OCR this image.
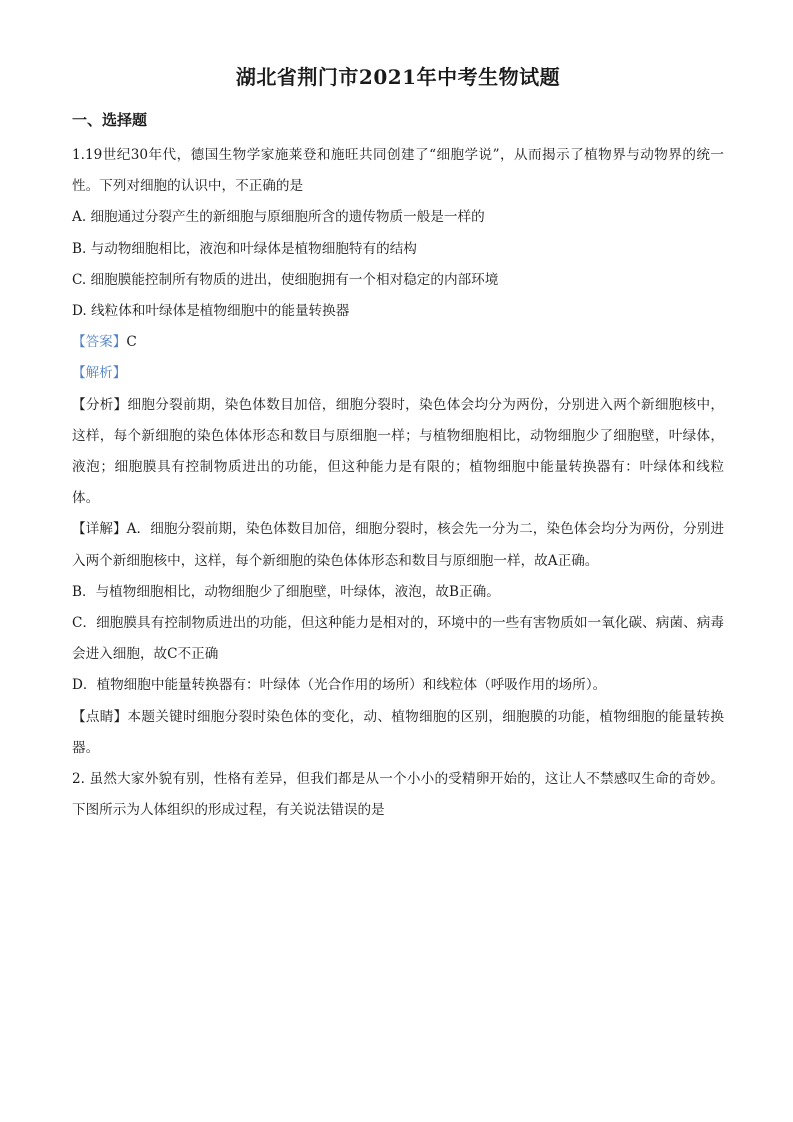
湖北省荆门市2021年中考生物试题
一、选择题

1.19世纪30年代，德国生物学家施莱登和施旺共同创建了“细胞学说”，从而揭示了植物界与动物界的统一性。下列对细胞的认识中，不正确的是

A. 细胞通过分裂产生的新细胞与原细胞所含的遗传物质一般是一样的

B. 与动物细胞相比，液泡和叶绿体是植物细胞特有的结构

C. 细胞膜能控制所有物质的进出，使细胞拥有一个相对稳定的内部环境

D. 线粒体和叶绿体是植物细胞中的能量转换器

【答案】C

【解析】

【分析】细胞分裂前期，染色体数目加倍，细胞分裂时，染色体会均分为两份，分别进入两个新细胞核中，这样，每个新细胞的染色体体形态和数目与原细胞一样；与植物细胞相比，动物细胞少了细胞壁，叶绿体，液泡；细胞膜具有控制物质进出的功能，但这种能力是有限的；植物细胞中能量转换器有：叶绿体和线粒体。

【详解】A．细胞分裂前期，染色体数目加倍，细胞分裂时，核会先一分为二，染色体会均分为两份，分别进入两个新细胞核中，这样，每个新细胞的染色体体形态和数目与原细胞一样，故A正确。

B．与植物细胞相比，动物细胞少了细胞壁，叶绿体，液泡，故B正确。

C．细胞膜具有控制物质进出的功能，但这种能力是相对的，环境中的一些有害物质如一氧化碳、病菌、病毒会进入细胞，故C不正确

D．植物细胞中能量转换器有：叶绿体（光合作用的场所）和线粒体（呼吸作用的场所）。

【点睛】本题关键时细胞分裂时染色体的变化，动、植物细胞的区别，细胞膜的功能，植物细胞的能量转换器。

2. 虽然大家外貌有别，性格有差异，但我们都是从一个小小的受精卵开始的，这让人不禁感叹生命的奇妙。下图所示为人体组织的形成过程，有关说法错误的是
